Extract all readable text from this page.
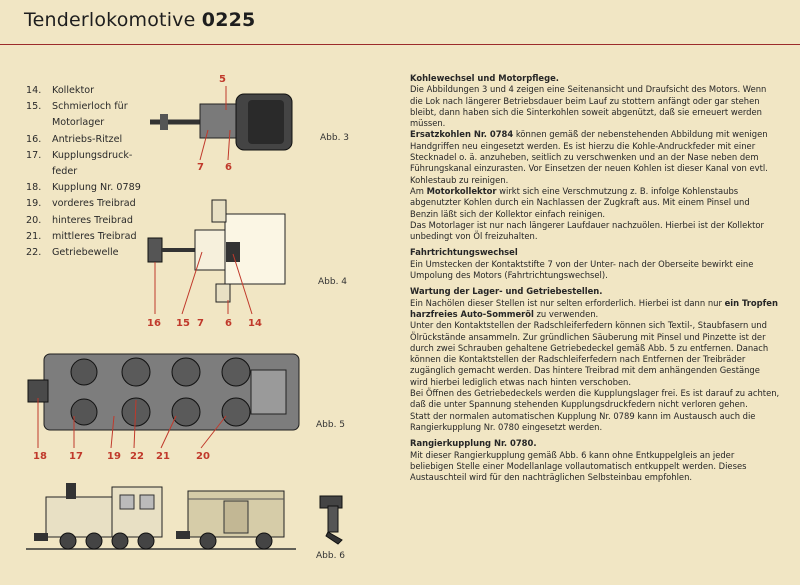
Tenderlokomotive 0225
14.	Kollektor
15.	Schmierloch für Motorlager
16.	Antriebs-Ritzel
17.	Kupplungsdruck-feder
18.	Kupplung Nr. 0789
19.	vorderes Treibrad
20.	hinteres Treibrad
21.	mittleres Treibrad
22.	Getriebewelle
5
7 6
Abb. 3
16 15 7 6 14
Abb. 4
18 17 19 22 21	20
Abb. 5
Abb. 6

Kohlewechsel und Motorpflege.

Die Abbildungen 3 und 4 zeigen eine Seitenansicht und Draufsicht des Motors. Wenn die Lok nach längerer Betriebsdauer beim Lauf zu stottern anfängt oder gar stehen bleibt, dann haben sich die Sinterkohlen soweit abgenützt, daß sie erneuert werden müssen.

Ersatzkohlen Nr. 0784 können gemäß der nebenstehenden Abbildung mit wenigen Handgriffen neu eingesetzt werden. Es ist hierzu die Kohle-Andruckfeder mit einer Stecknadel o. ä. anzuheben, seitlich zu verschwenken und an der Nase neben dem Führungskanal einzurasten. Vor Einsetzen der neuen Kohlen ist dieser Kanal von evtl. Kohlestaub zu reinigen.

Am Motorkollektor wirkt sich eine Verschmutzung z. B. infolge Kohlenstaubs abgenutzter Kohlen durch ein Nachlassen der Zugkraft aus. Mit einem Pinsel und Benzin läßt sich der Kollektor einfach reinigen.

Das Motorlager ist nur nach längerer Laufdauer nachzuölen. Hierbei ist der Kollektor unbedingt von Öl freizuhalten.

Fahrtrichtungswechsel

Ein Umstecken der Kontaktstifte 7 von der Unter- nach der Oberseite bewirkt eine Umpolung des Motors (Fahrtrichtungswechsel).

Wartung der Lager- und Getriebestellen.

Ein Nachölen dieser Stellen ist nur selten erforderlich. Hierbei ist dann nur ein Tropfen harzfreies Auto-Sommeröl zu verwenden.

Unter den Kontaktstellen der Radschleiferfedern können sich Textil-, Staubfasern und Ölrückstände ansammeln. Zur gründlichen Säuberung mit Pinsel und Pinzette ist der durch zwei Schrauben gehaltene Getriebedeckel gemäß Abb. 5 zu entfernen. Danach können die Kontaktstellen der Radschleiferfedern nach Entfernen der Treibräder zugänglich gemacht werden. Das hintere Treibrad mit dem anhängenden Gestänge wird hierbei lediglich etwas nach hinten verschoben.

Bei Öffnen des Getriebedeckels werden die Kupplungslager frei. Es ist darauf zu achten, daß die unter Spannung stehenden Kupplungsdruckfedern nicht verloren gehen.

Statt der normalen automatischen Kupplung Nr. 0789 kann im Austausch auch die Rangierkupplung Nr. 0780 eingesetzt werden.

Rangierkupplung Nr. 0780.

Mit dieser Rangierkupplung gemäß Abb. 6 kann ohne Entkuppelgleis an jeder beliebigen Stelle einer Modellanlage vollautomatisch entkuppelt werden. Dieses Austauschteil wird für den nachträglichen Selbsteinbau empfohlen.
